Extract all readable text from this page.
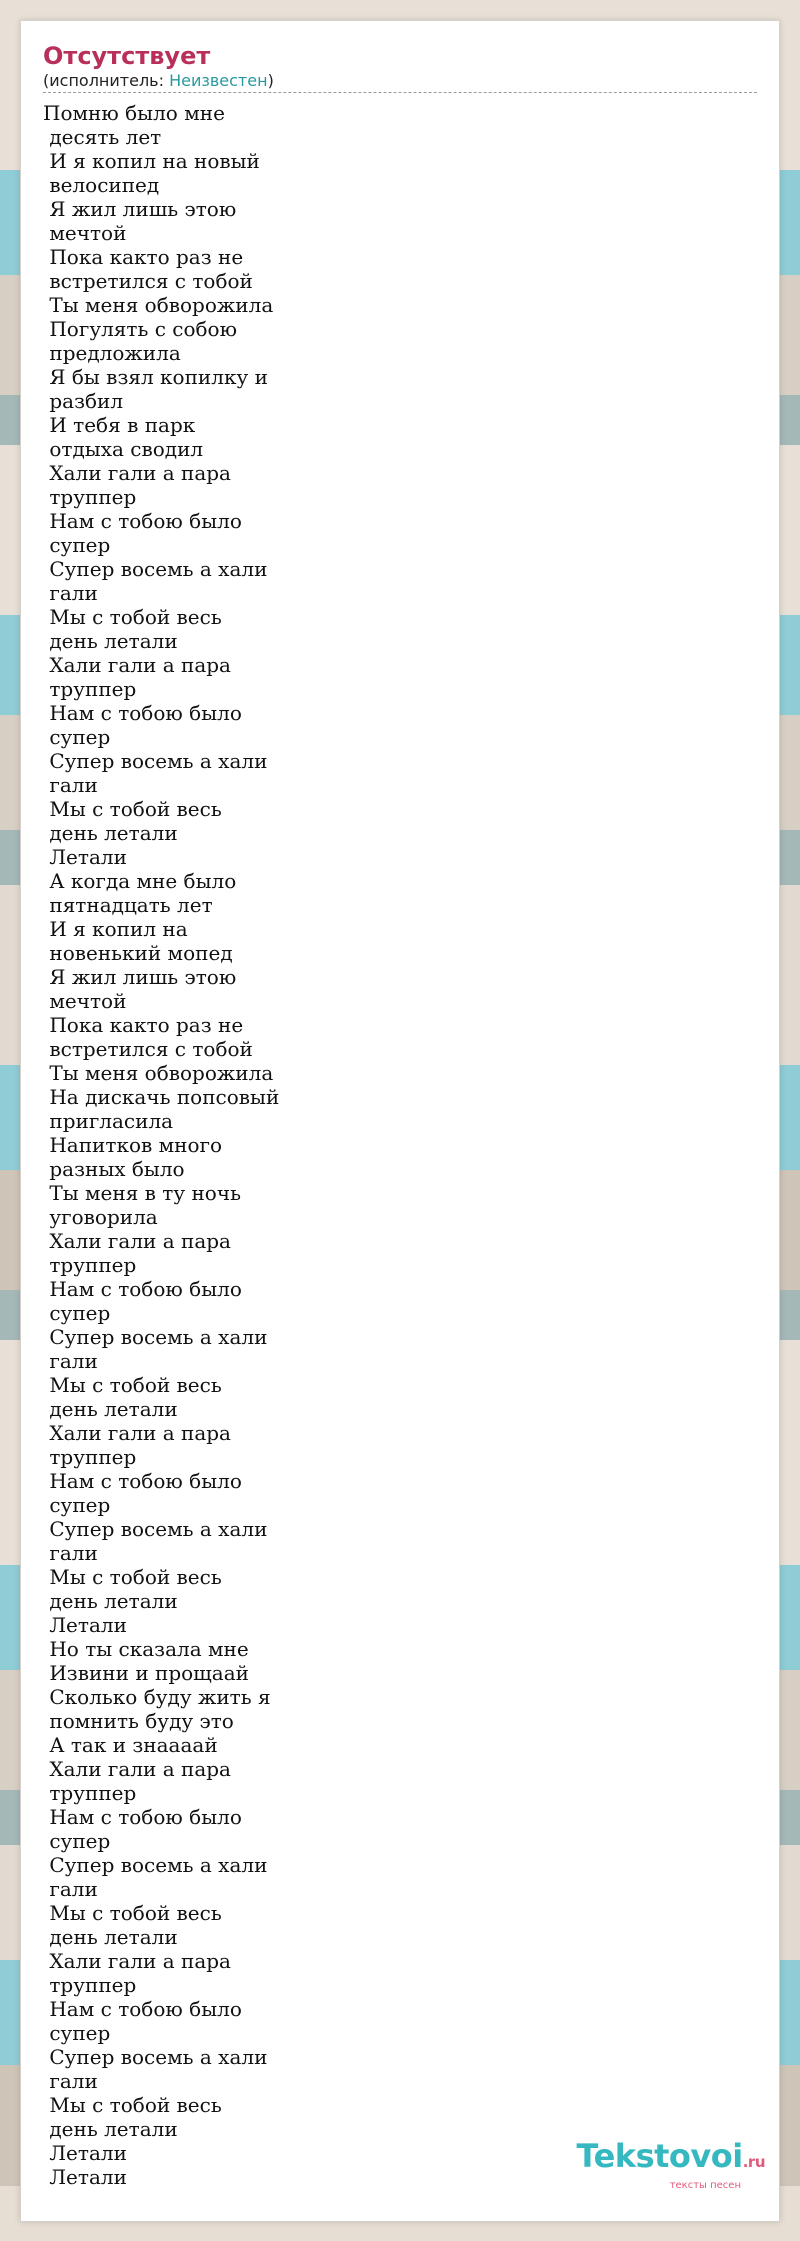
Отсутствует
(исполнитель: Неизвестен)
Помню было мне
десять лет
И я копил на новый
велосипед
Я жил лишь этою
мечтой
Пока както раз не
встретился с тобой
Ты меня обворожила
Погулять с собою
предложила
Я бы взял копилку и
разбил
И тебя в парк
отдыха сводил
Хали гали а пара
труппер
Нам с тобою было
супер
Супер восемь а хали
гали
Мы с тобой весь
день летали
Хали гали а пара
труппер
Нам с тобою было
супер
Супер восемь а хали
гали
Мы с тобой весь
день летали
Летали
А когда мне было
пятнадцать лет
И я копил на
новенький мопед
Я жил лишь этою
мечтой
Пока както раз не
встретился с тобой
Ты меня обворожила
На дискачь попсовый
пригласила
Напитков много
разных было
Ты меня в ту ночь
уговорила
Хали гали а пара
труппер
Нам с тобою было
супер
Супер восемь а хали
гали
Мы с тобой весь
день летали
Хали гали а пара
труппер
Нам с тобою было
супер
Супер восемь а хали
гали
Мы с тобой весь
день летали
Летали
Но ты сказала мне
Извини и прощаай
Сколько буду жить я
помнить буду это
А так и знаааай
Хали гали а пара
труппер
Нам с тобою было
супер
Супер восемь а хали
гали
Мы с тобой весь
день летали
Хали гали а пара
труппер
Нам с тобою было
супер
Супер восемь а хали
гали
Мы с тобой весь
день летали
Летали
Летали
Tekstovoi.ru
тексты песен
